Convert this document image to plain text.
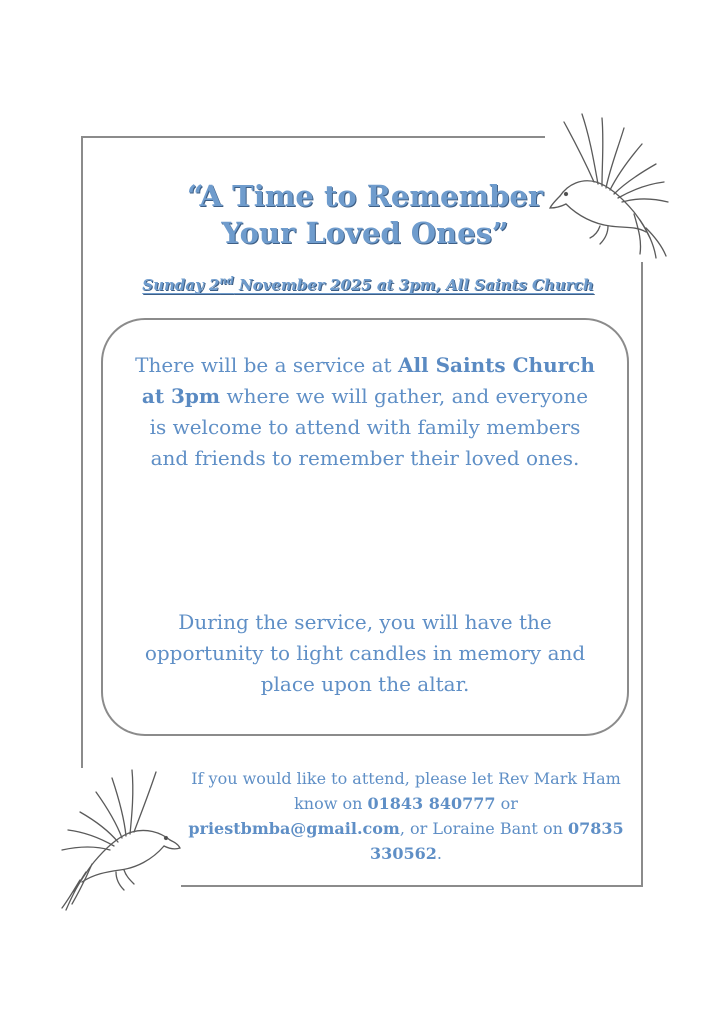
“A Time to Remember
Your Loved Ones”
Sunday 2nd November 2025 at 3pm, All Saints Church

There will be a service at All Saints Church at 3pm where we will gather, and everyone is welcome to attend with family members and friends to remember their loved ones.

During the service, you will have the opportunity to light candles in memory and place upon the altar.

If you would like to attend, please let Rev Mark Ham know on 01843 840777 or priestbmba@gmail.com, or Loraine Bant on 07835 330562.
